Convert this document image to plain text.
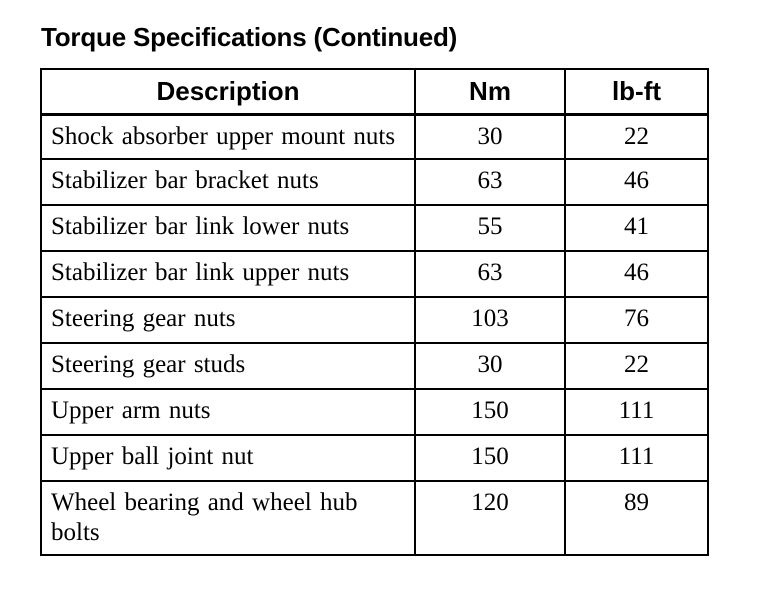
Torque Specifications (Continued)
Description	Nm	lb-ft
Shock absorber upper mount nuts	30	22
Stabilizer bar bracket nuts	63	46
Stabilizer bar link lower nuts	55	41
Stabilizer bar link upper nuts	63	46
Steering gear nuts	103	76
Steering gear studs	30	22
Upper arm nuts	150	111
Upper ball joint nut	150	111
Wheel bearing and wheel hub bolts	120	89
